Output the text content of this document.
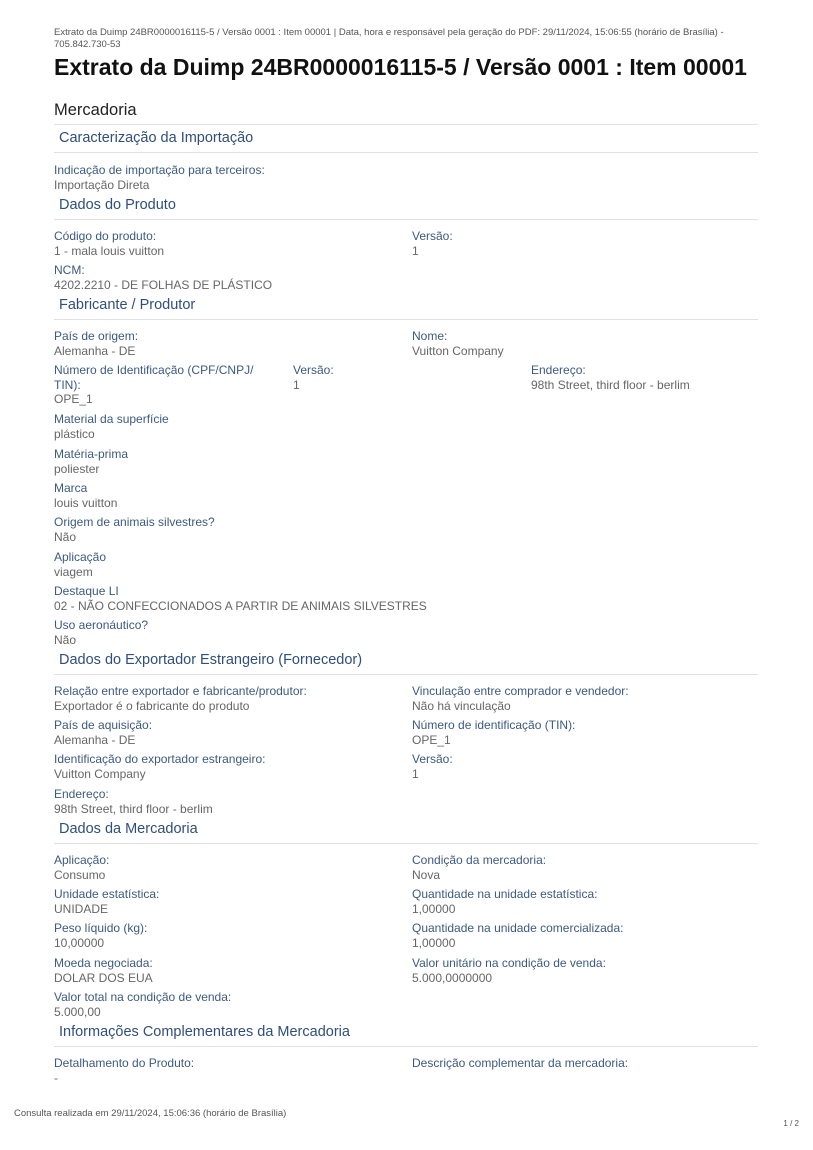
Extrato da Duimp 24BR0000016115-5 / Versão 0001 : Item 00001 | Data, hora e responsável pela geração do PDF: 29/11/2024, 15:06:55 (horário de Brasília) - 705.842.730-53
Extrato da Duimp 24BR0000016115-5 / Versão 0001 : Item 00001
Mercadoria
Caracterização da Importação
Indicação de importação para terceiros:
Importação Direta
Dados do Produto
Código do produto:
1 - mala louis vuitton
Versão:
1
NCM:
4202.2210 - DE FOLHAS DE PLÁSTICO
Fabricante / Produtor
País de origem:
Alemanha - DE
Nome:
Vuitton Company
Número de Identificação (CPF/CNPJ/ TIN):
OPE_1
Versão:
1
Endereço:
98th Street, third floor - berlim
Material da superfície
plástico
Matéria-prima
poliester
Marca
louis vuitton
Origem de animais silvestres?
Não
Aplicação
viagem
Destaque LI
02 - NÃO CONFECCIONADOS A PARTIR DE ANIMAIS SILVESTRES
Uso aeronáutico?
Não
Dados do Exportador Estrangeiro (Fornecedor)
Relação entre exportador e fabricante/produtor:
Exportador é o fabricante do produto
Vinculação entre comprador e vendedor:
Não há vinculação
País de aquisição:
Alemanha - DE
Número de identificação (TIN):
OPE_1
Identificação do exportador estrangeiro:
Vuitton Company
Versão:
1
Endereço:
98th Street, third floor - berlim
Dados da Mercadoria
Aplicação:
Consumo
Condição da mercadoria:
Nova
Unidade estatística:
UNIDADE
Quantidade na unidade estatística:
1,00000
Peso líquido (kg):
10,00000
Quantidade na unidade comercializada:
1,00000
Moeda negociada:
DOLAR DOS EUA
Valor unitário na condição de venda:
5.000,0000000
Valor total na condição de venda:
5.000,00
Informações Complementares da Mercadoria
Detalhamento do Produto:
-
Descrição complementar da mercadoria:
Consulta realizada em 29/11/2024, 15:06:36 (horário de Brasília)
1 / 2
